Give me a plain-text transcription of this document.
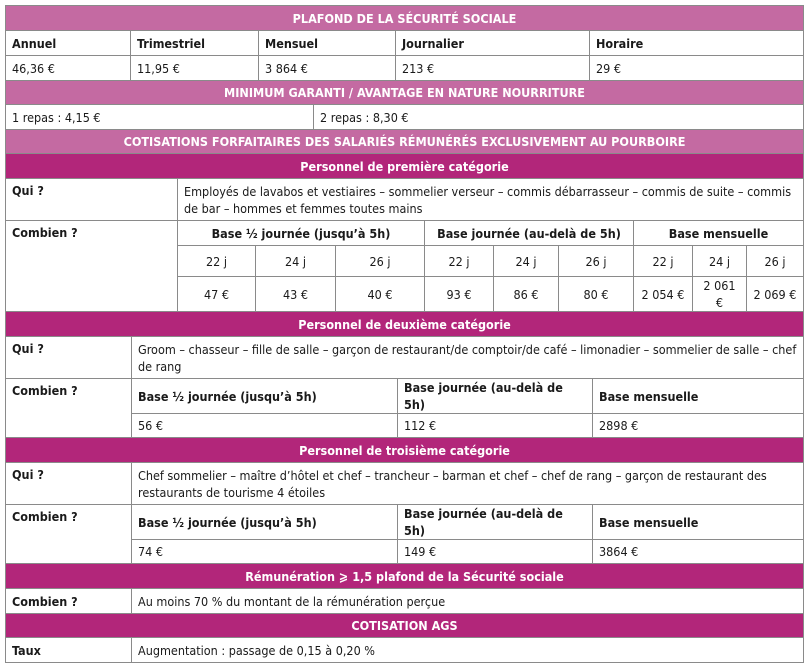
PLAFOND DE LA SÉCURITÉ SOCIALE				
Annuel	Trimestriel	Mensuel	Journalier	Horaire
46,36 €	11,95 €	3 864 €	213 €	29 €
MINIMUM GARANTI / AVANTAGE EN NATURE NOURRITURE
1 repas : 4,15 €	2 repas : 8,30 €
COTISATIONS FORFAITAIRES DES SALARIÉS RÉMUNÉRÉS EXCLUSIVEMENT AU POURBOIRE									
Personnel de première catégorie									
Qui ?	Employés de lavabos et vestiaires – sommelier verseur – commis débarrasseur – commis de suite – commis de bar – hommes et femmes toutes mains								
Combien ?	Base ½ journée (jusqu’à 5h)			Base journée (au-delà de 5h)			Base mensuelle		
	22 j	24 j	26 j	22 j	24 j	26 j	22 j	24 j	26 j
	47 €	43 €	40 €	93 €	86 €	80 €	2 054 €	2 061 €	2 069 €
Personnel de deuxième catégorie			
Qui ?	Groom – chasseur – fille de salle – garçon de restaurant/de comptoir/de café – limonadier – sommelier de salle – chef de rang		
Combien ?	Base ½ journée (jusqu’à 5h)	Base journée (au-delà de 5h)	Base mensuelle
	56 €	112 €	2898 €
Personnel de troisième catégorie			
Qui ?	Chef sommelier – maître d’hôtel et chef – trancheur – barman et chef – chef de rang – garçon de restaurant des restaurants de tourisme 4 étoiles		
Combien ?	Base ½ journée (jusqu’à 5h)	Base journée (au-delà de 5h)	Base mensuelle
	74 €	149 €	3864 €
Rémunération ⩾ 1,5 plafond de la Sécurité sociale
Combien ?	Au moins 70 % du montant de la rémunération perçue
COTISATION AGS
Taux	Augmentation : passage de 0,15 à 0,20 %
